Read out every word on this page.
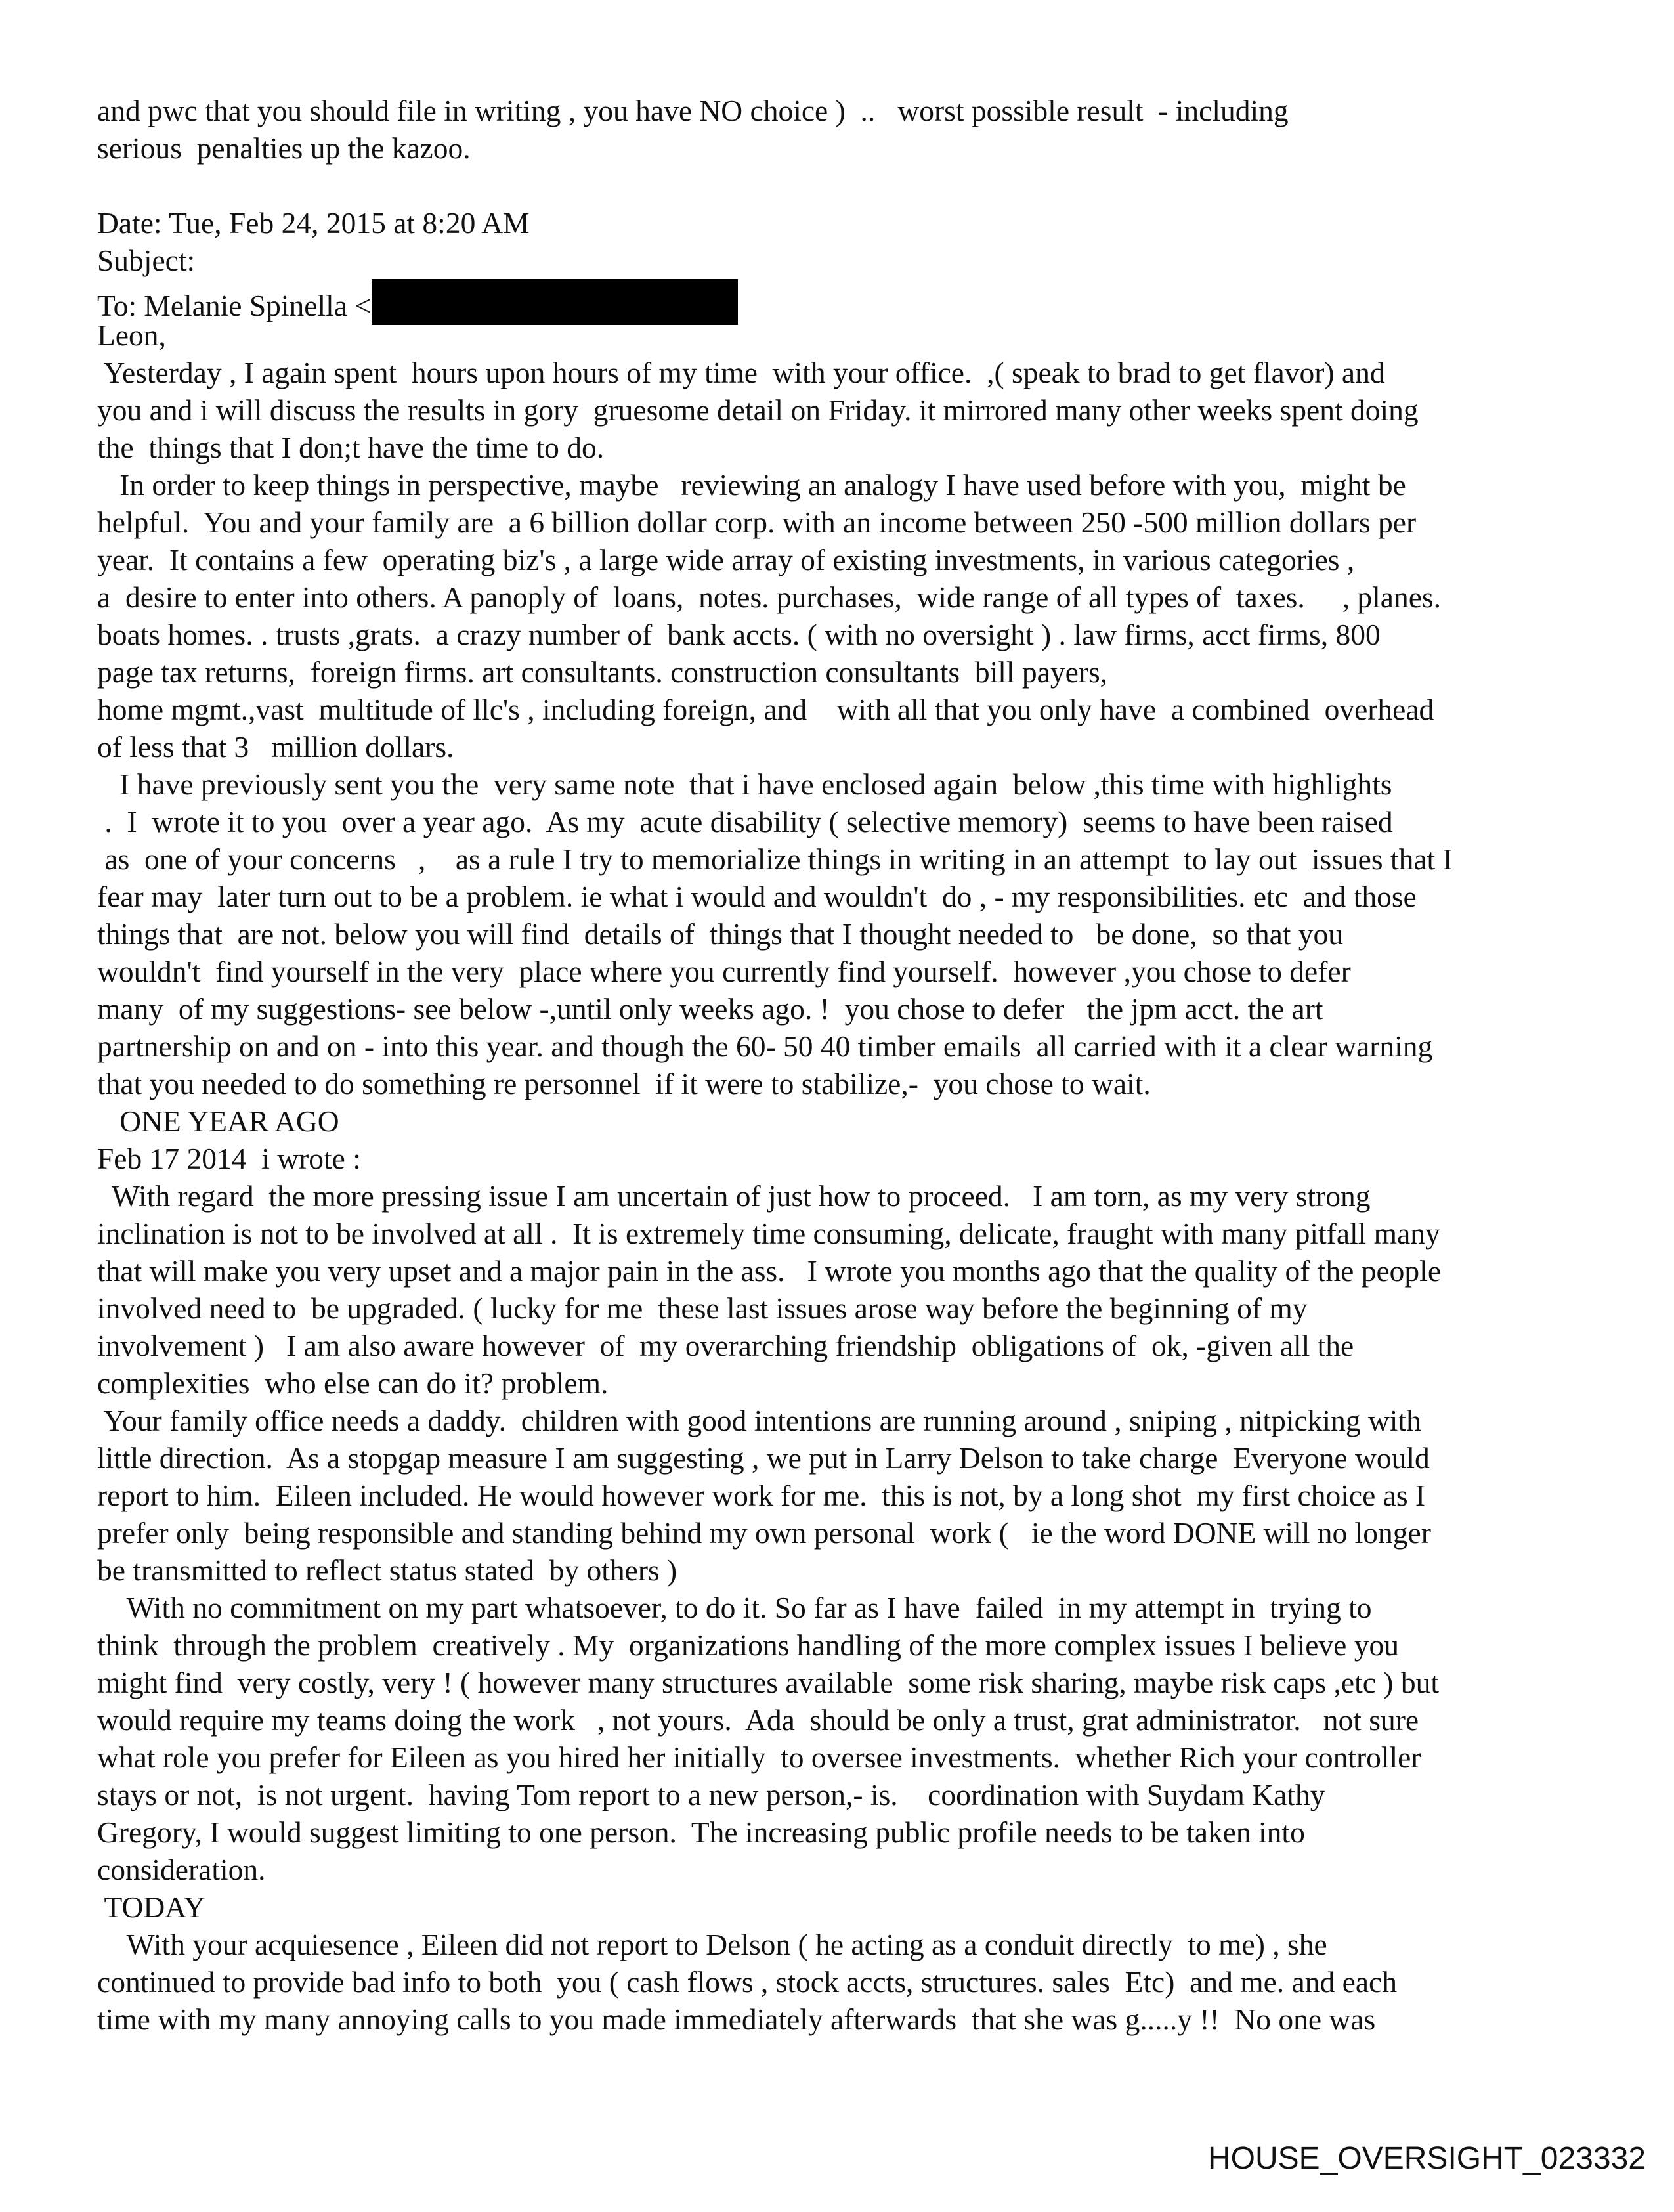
and pwc that you should file in writing , you have NO choice )  ..   worst possible result  - including
serious  penalties up the kazoo.
Date: Tue, Feb 24, 2015 at 8:20 AM
Subject:
To: Melanie Spinella <
Leon,
Yesterday , I again spent  hours upon hours of my time  with your office.  ,( speak to brad to get flavor) and
you and i will discuss the results in gory  gruesome detail on Friday. it mirrored many other weeks spent doing
the  things that I don;t have the time to do.
In order to keep things in perspective, maybe   reviewing an analogy I have used before with you,  might be
helpful.  You and your family are  a 6 billion dollar corp. with an income between 250 -500 million dollars per
year.  It contains a few  operating biz's , a large wide array of existing investments, in various categories ,
a  desire to enter into others. A panoply of  loans,  notes. purchases,  wide range of all types of  taxes.     , planes.
boats homes. . trusts ,grats.  a crazy number of  bank accts. ( with no oversight ) . law firms, acct firms, 800
page tax returns,  foreign firms. art consultants. construction consultants  bill payers,
home mgmt.,vast  multitude of llc's , including foreign, and    with all that you only have  a combined  overhead
of less that 3   million dollars.
I have previously sent you the  very same note  that i have enclosed again  below ,this time with highlights
.  I  wrote it to you  over a year ago.  As my  acute disability ( selective memory)  seems to have been raised
as  one of your concerns   ,    as a rule I try to memorialize things in writing in an attempt  to lay out  issues that I
fear may  later turn out to be a problem. ie what i would and wouldn't  do , - my responsibilities. etc  and those
things that  are not. below you will find  details of  things that I thought needed to   be done,  so that you
wouldn't  find yourself in the very  place where you currently find yourself.  however ,you chose to defer
many  of my suggestions- see below -,until only weeks ago. !  you chose to defer   the jpm acct. the art
partnership on and on - into this year. and though the 60- 50 40 timber emails  all carried with it a clear warning
that you needed to do something re personnel  if it were to stabilize,-  you chose to wait.
ONE YEAR AGO
Feb 17 2014  i wrote :
With regard  the more pressing issue I am uncertain of just how to proceed.   I am torn, as my very strong
inclination is not to be involved at all .  It is extremely time consuming, delicate, fraught with many pitfall many
that will make you very upset and a major pain in the ass.   I wrote you months ago that the quality of the people
involved need to  be upgraded. ( lucky for me  these last issues arose way before the beginning of my
involvement )   I am also aware however  of  my overarching friendship  obligations of  ok, -given all the
complexities  who else can do it? problem.
Your family office needs a daddy.  children with good intentions are running around , sniping , nitpicking with
little direction.  As a stopgap measure I am suggesting , we put in Larry Delson to take charge  Everyone would
report to him.  Eileen included. He would however work for me.  this is not, by a long shot  my first choice as I
prefer only  being responsible and standing behind my own personal  work (   ie the word DONE will no longer
be transmitted to reflect status stated  by others )
With no commitment on my part whatsoever, to do it. So far as I have  failed  in my attempt in  trying to
think  through the problem  creatively . My  organizations handling of the more complex issues I believe you
might find  very costly, very ! ( however many structures available  some risk sharing, maybe risk caps ,etc ) but
would require my teams doing the work   , not yours.  Ada  should be only a trust, grat administrator.   not sure
what role you prefer for Eileen as you hired her initially  to oversee investments.  whether Rich your controller
stays or not,  is not urgent.  having Tom report to a new person,- is.    coordination with Suydam Kathy
Gregory, I would suggest limiting to one person.  The increasing public profile needs to be taken into
consideration.
TODAY
With your acquiesence , Eileen did not report to Delson ( he acting as a conduit directly  to me) , she
continued to provide bad info to both  you ( cash flows , stock accts, structures. sales  Etc)  and me. and each
time with my many annoying calls to you made immediately afterwards  that she was g.....y !!  No one was
HOUSE_OVERSIGHT_023332
